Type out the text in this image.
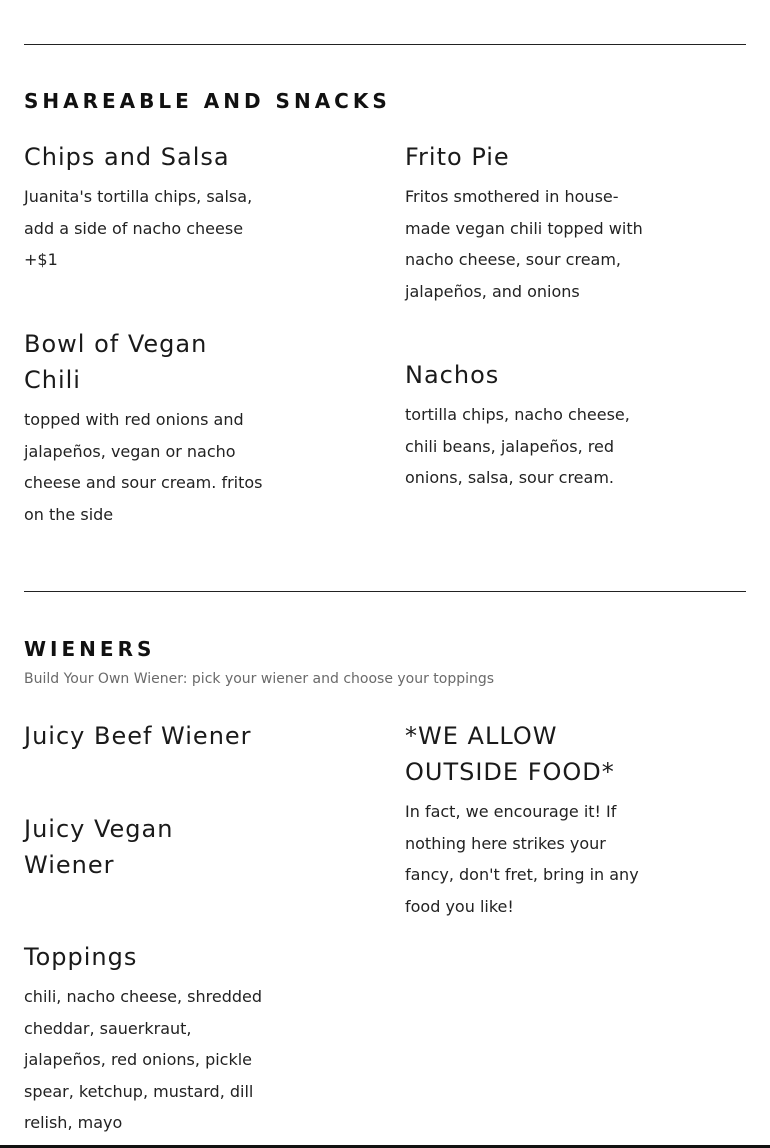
SHAREABLE AND SNACKS
Chips and Salsa

Juanita's tortilla chips, salsa, add a side of nacho cheese +$1

Frito Pie

Fritos smothered in house-made vegan chili topped with nacho cheese, sour cream, jalapeños, and onions

Bowl of Vegan Chili

topped with red onions and jalapeños, vegan or nacho cheese and sour cream. fritos on the side

Nachos

tortilla chips, nacho cheese, chili beans, jalapeños, red onions, salsa, sour cream.

WIENERS

Build Your Own Wiener: pick your wiener and choose your toppings

Juicy Beef Wiener	*WE ALLOW OUTSIDE FOOD*

In fact, we encourage it! If nothing here strikes your fancy, don't fret, bring in any food you like!

Juicy Vegan Wiener
Toppings

chili, nacho cheese, shredded cheddar, sauerkraut, jalapeños, red onions, pickle spear, ketchup, mustard, dill relish, mayo
